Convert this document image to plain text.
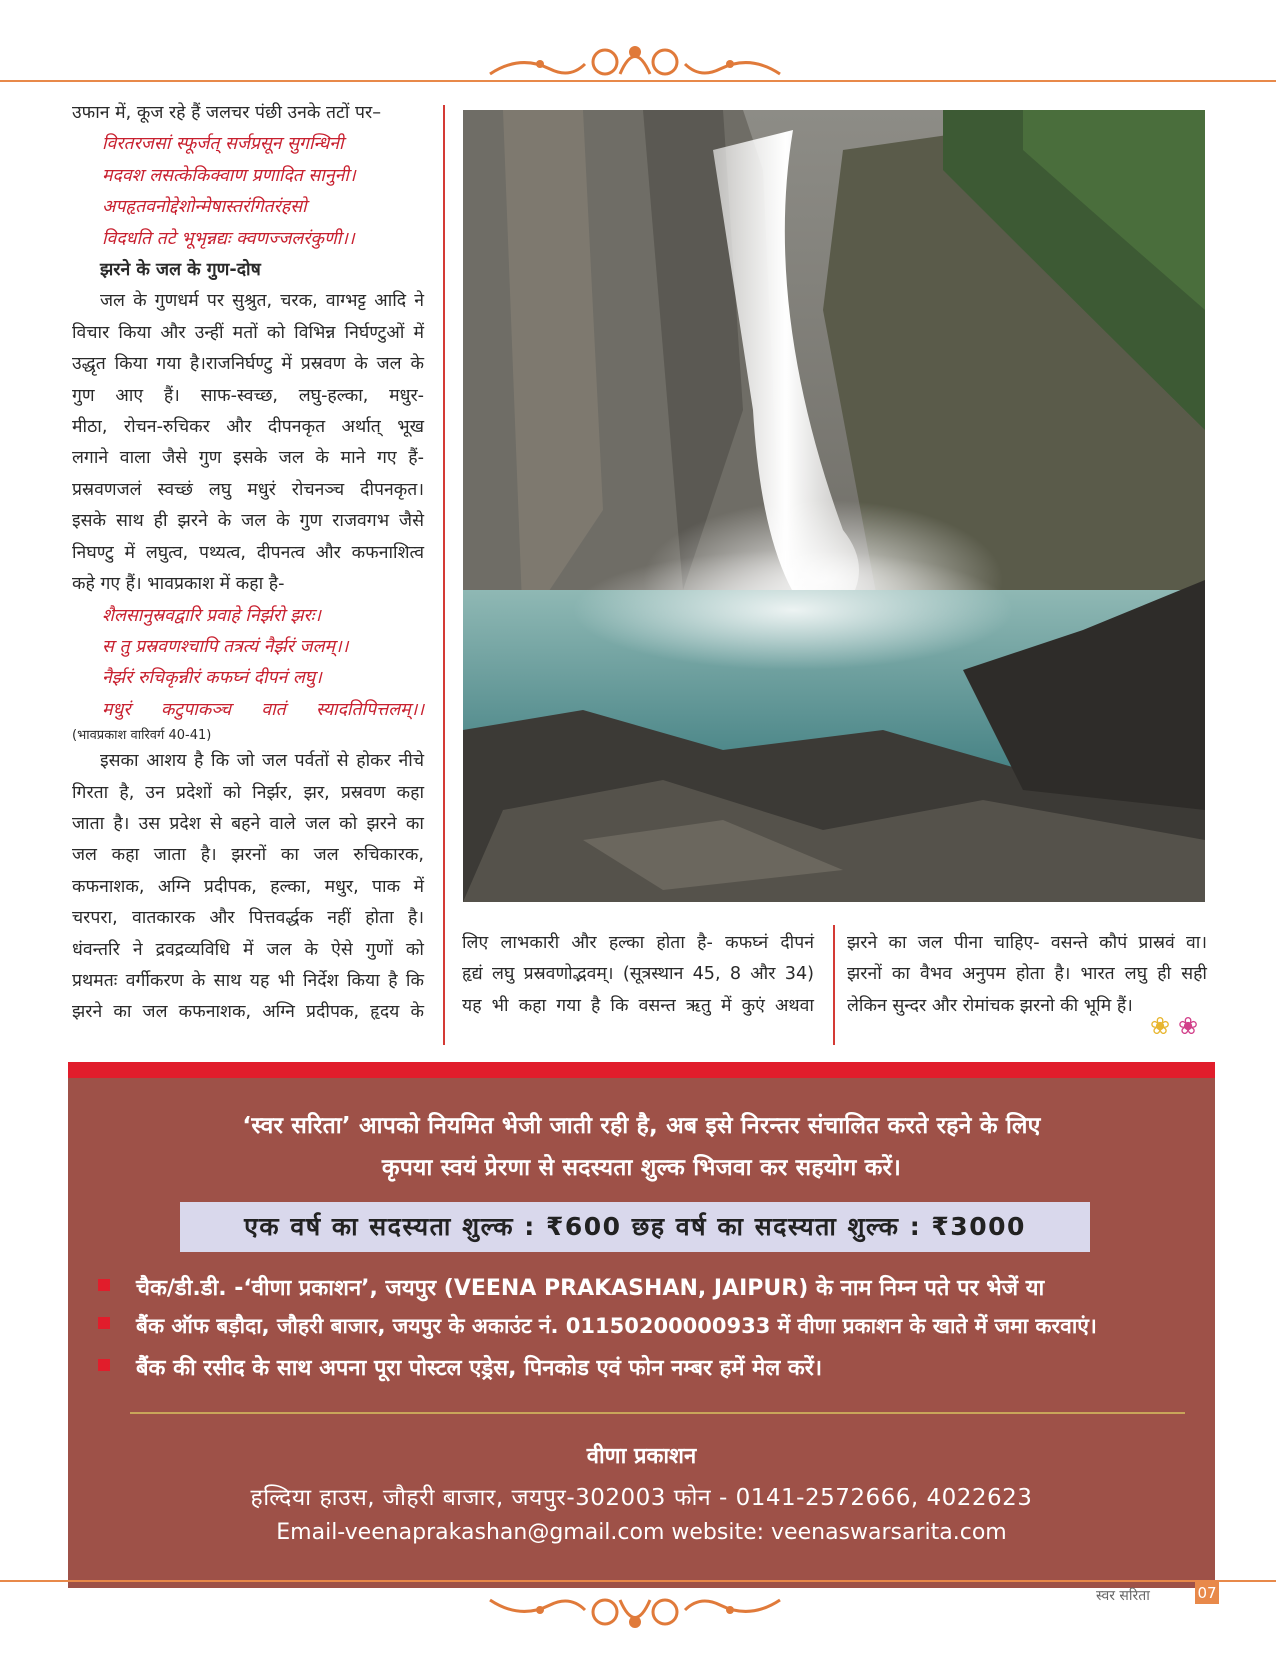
उफान में, कूज रहे हैं जलचर पंछी उनके तटों पर–

विरतरजसां स्फूर्जत् सर्जप्रसून सुगन्धिनी

मदवश लसत्केकिक्वाण प्रणादित सानुनी।

अपहृतवनोद्देशोन्मेषास्तरंगितरंहसो

विदधति तटे भूभृन्नद्यः क्वणज्जलरंकुणी।।

झरने के जल के गुण-दोष

जल के गुणधर्म पर सुश्रुत, चरक, वाग्भट्ट आदि ने

विचार किया और उन्हीं मतों को विभिन्न निर्घण्टुओं में

उद्धृत किया गया है।राजनिर्घण्टु में प्रस्रवण के जल के

गुण आए हैं। साफ-स्वच्छ, लघु-हल्का, मधुर-

मीठा, रोचन-रुचिकर और दीपनकृत अर्थात् भूख

लगाने वाला जैसे गुण इसके जल के माने गए हैं-

प्रस्रवणजलं स्वच्छं लघु मधुरं रोचनञ्च दीपनकृत।

इसके साथ ही झरने के जल के गुण राजवगभ जैसे

निघण्टु में लघुत्व, पथ्यत्व, दीपनत्व और कफनाशित्व

कहे गए हैं। भावप्रकाश में कहा है-

शैलसानुस्रवद्वारि प्रवाहे निर्झरो झरः।

स तु प्रस्रवणश्चापि तत्रत्यं नैर्झरं जलम्।।

नैर्झरं रुचिकृन्नीरं कफघ्नं दीपनं लघु।

मधुरं कटुपाकञ्च वातं स्यादतिपित्तलम्।।

(भावप्रकाश वारिवर्ग 40-41)

इसका आशय है कि जो जल पर्वतों से होकर नीचे

गिरता है, उन प्रदेशों को निर्झर, झर, प्रस्रवण कहा

जाता है। उस प्रदेश से बहने वाले जल को झरने का

जल कहा जाता है। झरनों का जल रुचिकारक,

कफनाशक, अग्नि प्रदीपक, हल्का, मधुर, पाक में

चरपरा, वातकारक और पित्तवर्द्धक नहीं होता है।

धंवन्तरि ने द्रवद्रव्यविधि में जल के ऐसे गुणों को

प्रथमतः वर्गीकरण के साथ यह भी निर्देश किया है कि

झरने का जल कफनाशक, अग्नि प्रदीपक, हृदय के

लिए लाभकारी और हल्का होता है- कफघ्नं दीपनं

हृद्यं लघु प्रस्रवणोद्भवम्। (सूत्रस्थान 45, 8 और 34)

यह भी कहा गया है कि वसन्त ऋतु में कुएं अथवा

झरने का जल पीना चाहिए- वसन्ते कौपं प्रास्रवं वा।

झरनों का वैभव अनुपम होता है। भारत लघु ही सही

लेकिन सुन्दर और रोमांचक झरनो की भूमि हैं।

❀ ❀
‘स्वर सरिता’ आपको नियमित भेजी जाती रही है, अब इसे निरन्तर संचालित करते रहने के लिए
कृपया स्वयं प्रेरणा से सदस्यता शुल्क भिजवा कर सहयोग करें।
एक वर्ष का सदस्यता शुल्क : ₹600 छह वर्ष का सदस्यता शुल्क : ₹3000
चैक/डी.डी. -‘वीणा प्रकाशन’, जयपुर (VEENA PRAKASHAN, JAIPUR) के नाम निम्न पते पर भेजें या
बैंक ऑफ बड़ौदा, जौहरी बाजार, जयपुर के अकाउंट नं. 01150200000933 में वीणा प्रकाशन के खाते में जमा करवाएं।
बैंक की रसीद के साथ अपना पूरा पोस्टल एड्रेस, पिनकोड एवं फोन नम्बर हमें मेल करें।
वीणा प्रकाशन
हल्दिया हाउस, जौहरी बाजार, जयपुर-302003 फोन - 0141-2572666, 4022623
Email-veenaprakashan@gmail.com website: veenaswarsarita.com
स्वर सरिता	07
